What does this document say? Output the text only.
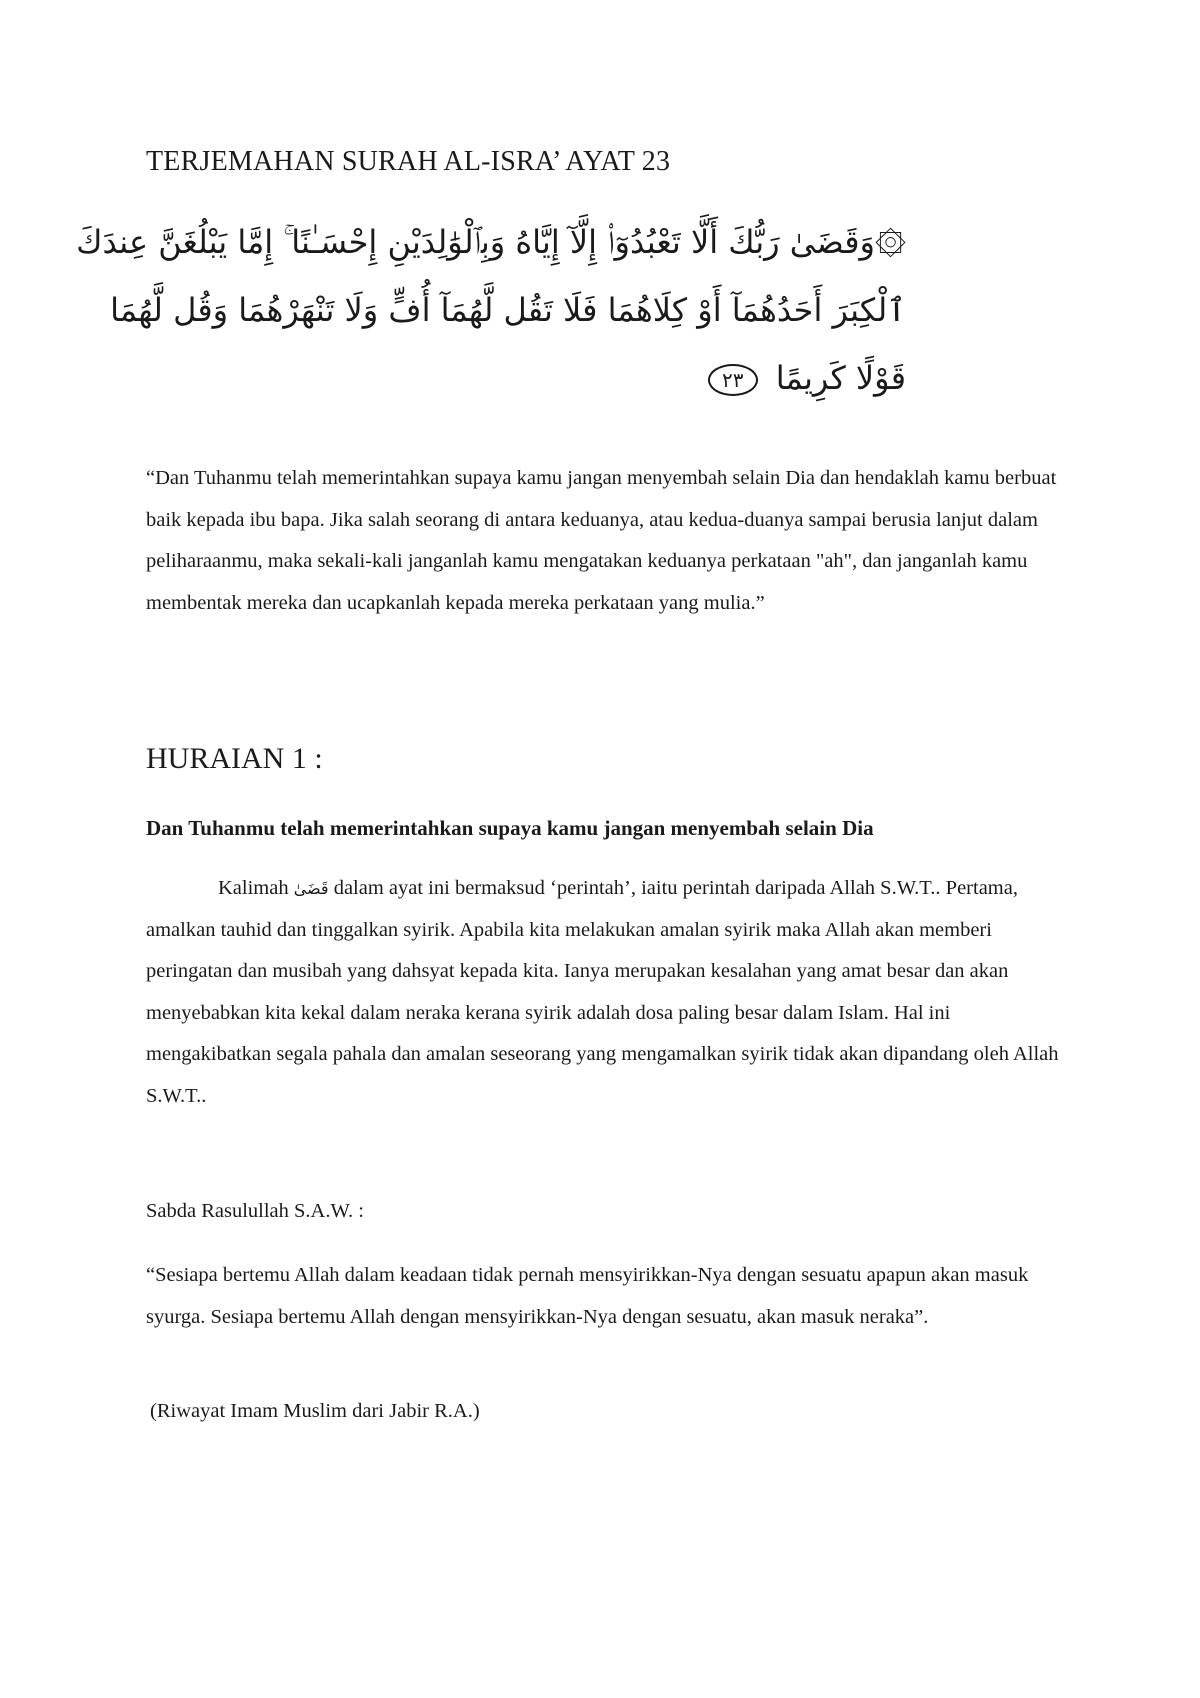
TERJEMAHAN SURAH AL-ISRA’ AYAT 23
۞وَقَضَىٰ رَبُّكَ أَلَّا تَعْبُدُوٓا۟ إِلَّآ إِيَّاهُ وَبِٱلْوَٰلِدَيْنِ إِحْسَـٰنًا ۚ إِمَّا يَبْلُغَنَّ عِندَكَ
ٱلْكِبَرَ أَحَدُهُمَآ أَوْ كِلَاهُمَا فَلَا تَقُل لَّهُمَآ أُفٍّ وَلَا تَنْهَرْهُمَا وَقُل لَّهُمَا
قَوْلًا كَرِيمًا ٢٣

“Dan Tuhanmu telah memerintahkan supaya kamu jangan menyembah selain Dia dan hendaklah kamu berbuat baik kepada ibu bapa. Jika salah seorang di antara keduanya, atau kedua-duanya sampai berusia lanjut dalam peliharaanmu, maka sekali-kali janganlah kamu mengatakan keduanya perkataan "ah", dan janganlah kamu membentak mereka dan ucapkanlah kepada mereka perkataan yang mulia.”

HURAIAN 1 :
Dan Tuhanmu telah memerintahkan supaya kamu jangan menyembah selain Dia

Kalimah قَضَىٰ dalam ayat ini bermaksud ‘perintah’, iaitu perintah daripada Allah S.W.T.. Pertama, amalkan tauhid dan tinggalkan syirik. Apabila kita melakukan amalan syirik maka Allah akan memberi peringatan dan musibah yang dahsyat kepada kita. Ianya merupakan kesalahan yang amat besar dan akan menyebabkan kita kekal dalam neraka kerana syirik adalah dosa paling besar dalam Islam. Hal ini mengakibatkan segala pahala dan amalan seseorang yang mengamalkan syirik tidak akan dipandang oleh Allah S.W.T..

Sabda Rasulullah S.A.W. :

“Sesiapa bertemu Allah dalam keadaan tidak pernah mensyirikkan-Nya dengan sesuatu apapun akan masuk syurga. Sesiapa bertemu Allah dengan mensyirikkan-Nya dengan sesuatu, akan masuk neraka”.

(Riwayat Imam Muslim dari Jabir R.A.)
